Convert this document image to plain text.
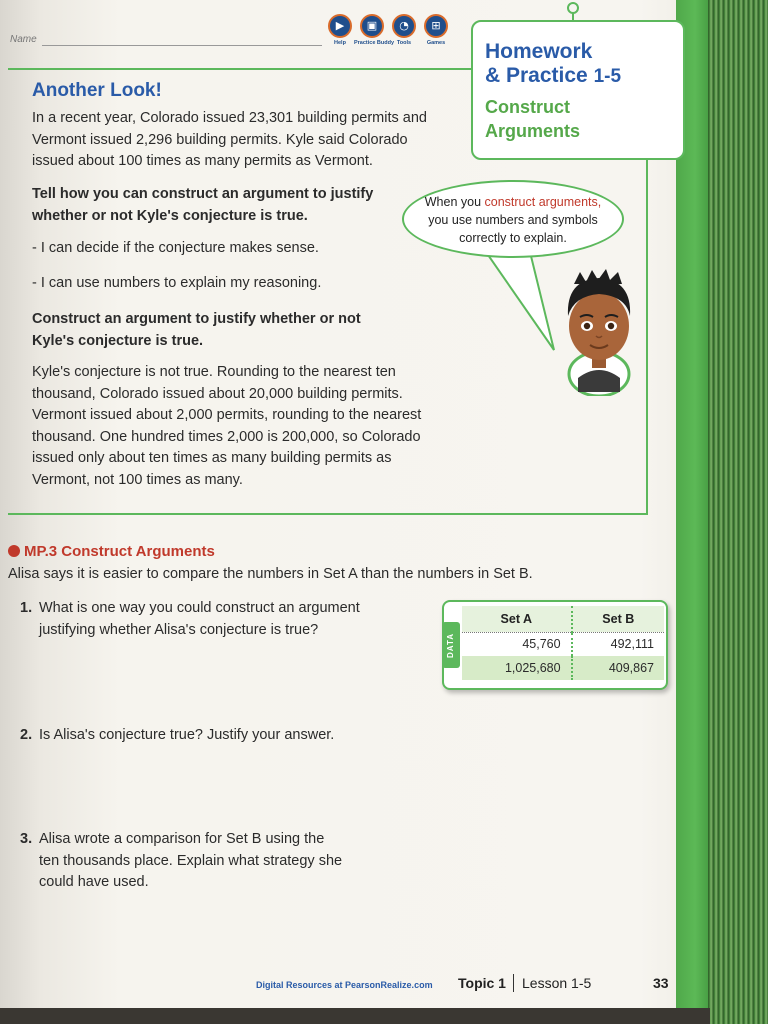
Name
▶
Help
▣
Practice Buddy
◔
Tools
⊞
Games	Homework
& Practice 1-5
Construct
Arguments
Another Look!
In a recent year, Colorado issued 23,301 building permits and
Vermont issued 2,296 building permits. Kyle said Colorado
issued about 100 times as many permits as Vermont.
Tell how you can construct an argument to justify
whether or not Kyle's conjecture is true.
- I can decide if the conjecture makes sense.
- I can use numbers to explain my reasoning.
Construct an argument to justify whether or not
Kyle's conjecture is true.
Kyle's conjecture is not true. Rounding to the nearest ten
thousand, Colorado issued about 20,000 building permits.
Vermont issued about 2,000 permits, rounding to the nearest
thousand. One hundred times 2,000 is 200,000, so Colorado
issued only about ten times as many building permits as
Vermont, not 100 times as many.
When you construct arguments,
you use numbers and symbols
correctly to explain.
MP.3 Construct Arguments
Alisa says it is easier to compare the numbers in Set A than the numbers in Set B.
1. What is one way you could construct an argument
justifying whether Alisa's conjecture is true?
2. Is Alisa's conjecture true? Justify your answer.
3. Alisa wrote a comparison for Set B using the
ten thousands place. Explain what strategy she
could have used.
DATA
Set A	Set B
45,760	492,111
1,025,680	409,867
Digital Resources at PearsonRealize.com Topic 1 Lesson 1-5	33
